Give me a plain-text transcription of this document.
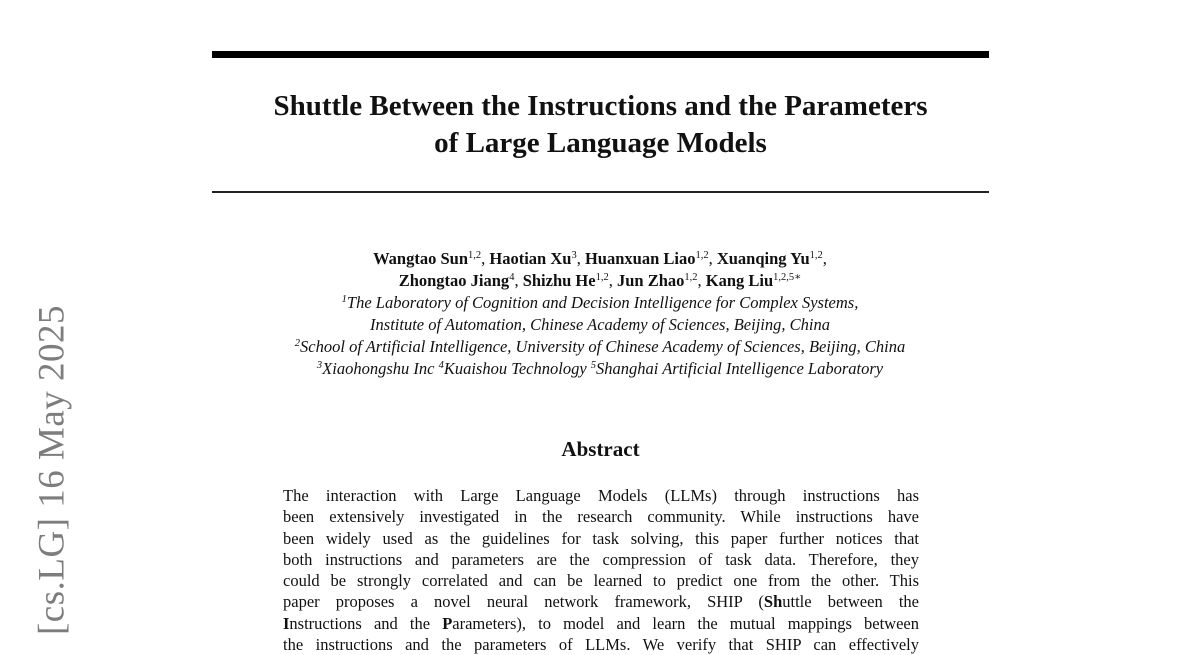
[cs.LG] 16 May 2025
Shuttle Between the Instructions and the Parameters
of Large Language Models
Wangtao Sun$^{1,2}$, Haotian Xu$^3$, Huanxuan Liao$^{1,2}$, Xuanqing Yu$^{1,2}$,
Zhongtao Jiang$^4$, Shizhu He$^{1,2}$, Jun Zhao$^{1,2}$, Kang Liu$^{1,2,5∗}$
$^1$The Laboratory of Cognition and Decision Intelligence for Complex Systems,
Institute of Automation, Chinese Academy of Sciences, Beijing, China
$^2$School of Artificial Intelligence, University of Chinese Academy of Sciences, Beijing, China
$^3$Xiaohongshu Inc $^4$Kuaishou Technology $^5$Shanghai Artificial Intelligence Laboratory
Abstract
The interaction with Large Language Models (LLMs) through instructions has
been extensively investigated in the research community. While instructions have
been widely used as the guidelines for task solving, this paper further notices that
both instructions and parameters are the compression of task data. Therefore, they
could be strongly correlated and can be learned to predict one from the other. This
paper proposes a novel neural network framework, SHIP (Shuttle between the
Instructions and the Parameters), to model and learn the mutual mappings between
the instructions and the parameters of LLMs. We verify that SHIP can effectively
